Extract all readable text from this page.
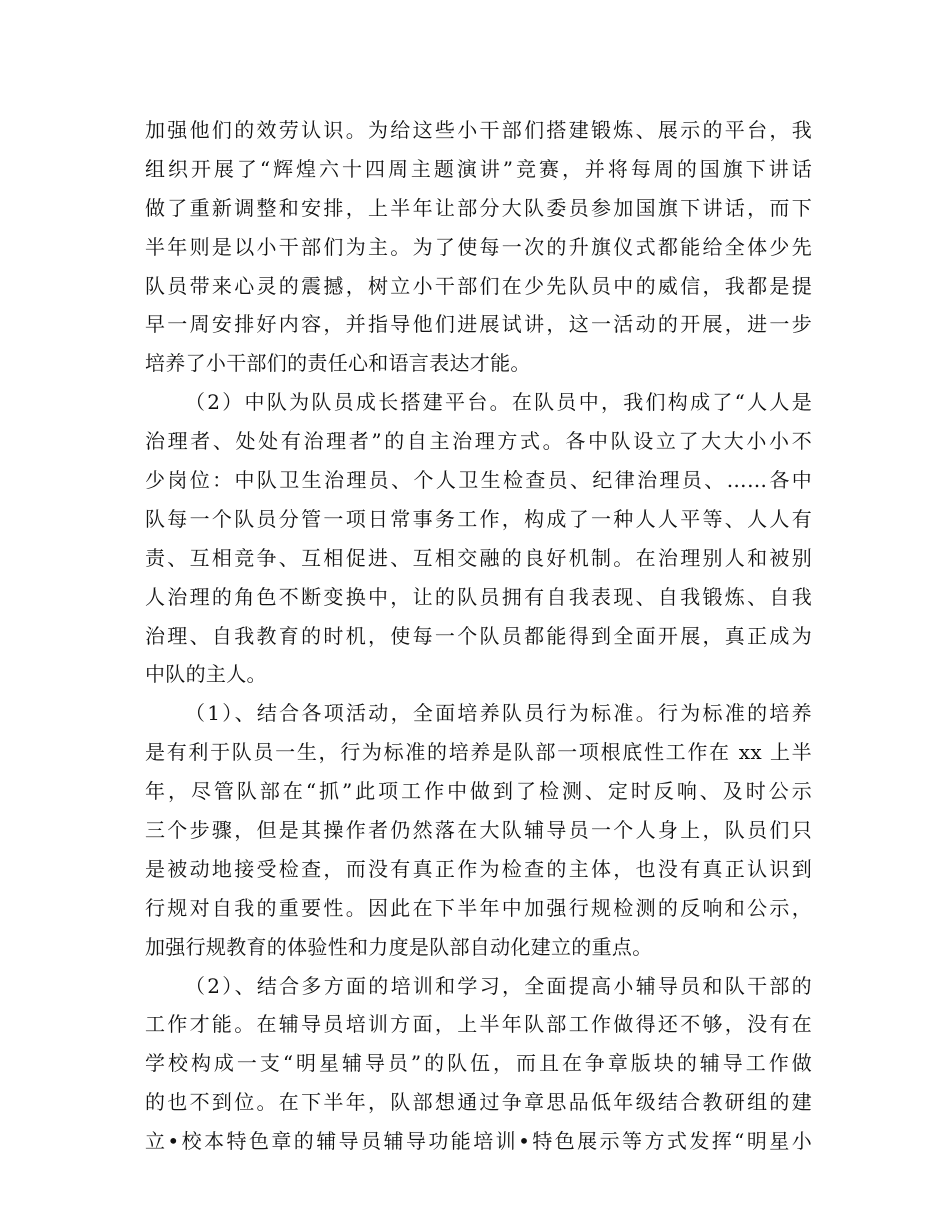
加强他们的效劳认识。为给这些小干部们搭建锻炼、展示的平台，我
组织开展了“辉煌六十四周主题演讲”竞赛，并将每周的国旗下讲话
做了重新调整和安排，上半年让部分大队委员参加国旗下讲话，而下
半年则是以小干部们为主。为了使每一次的升旗仪式都能给全体少先
队员带来心灵的震撼，树立小干部们在少先队员中的威信，我都是提
早一周安排好内容，并指导他们进展试讲，这一活动的开展，进一步
培养了小干部们的责任心和语言表达才能。
（2）中队为队员成长搭建平台。在队员中，我们构成了“人人是
治理者、处处有治理者”的自主治理方式。各中队设立了大大小小不
少岗位：中队卫生治理员、个人卫生检查员、纪律治理员、……各中
队每一个队员分管一项日常事务工作，构成了一种人人平等、人人有
责、互相竞争、互相促进、互相交融的良好机制。在治理别人和被别
人治理的角色不断变换中，让的队员拥有自我表现、自我锻炼、自我
治理、自我教育的时机，使每一个队员都能得到全面开展，真正成为
中队的主人。
（1）、结合各项活动，全面培养队员行为标准。行为标准的培养
是有利于队员一生，行为标准的培养是队部一项根底性工作在 xx 上半
年，尽管队部在“抓”此项工作中做到了检测、定时反响、及时公示
三个步骤，但是其操作者仍然落在大队辅导员一个人身上，队员们只
是被动地接受检查，而没有真正作为检查的主体，也没有真正认识到
行规对自我的重要性。因此在下半年中加强行规检测的反响和公示，
加强行规教育的体验性和力度是队部自动化建立的重点。
（2）、结合多方面的培训和学习，全面提高小辅导员和队干部的
工作才能。在辅导员培训方面，上半年队部工作做得还不够，没有在
学校构成一支“明星辅导员”的队伍，而且在争章版块的辅导工作做
的也不到位。在下半年，队部想通过争章思品低年级结合教研组的建
立•校本特色章的辅导员辅导功能培训•特色展示等方式发挥“明星小
